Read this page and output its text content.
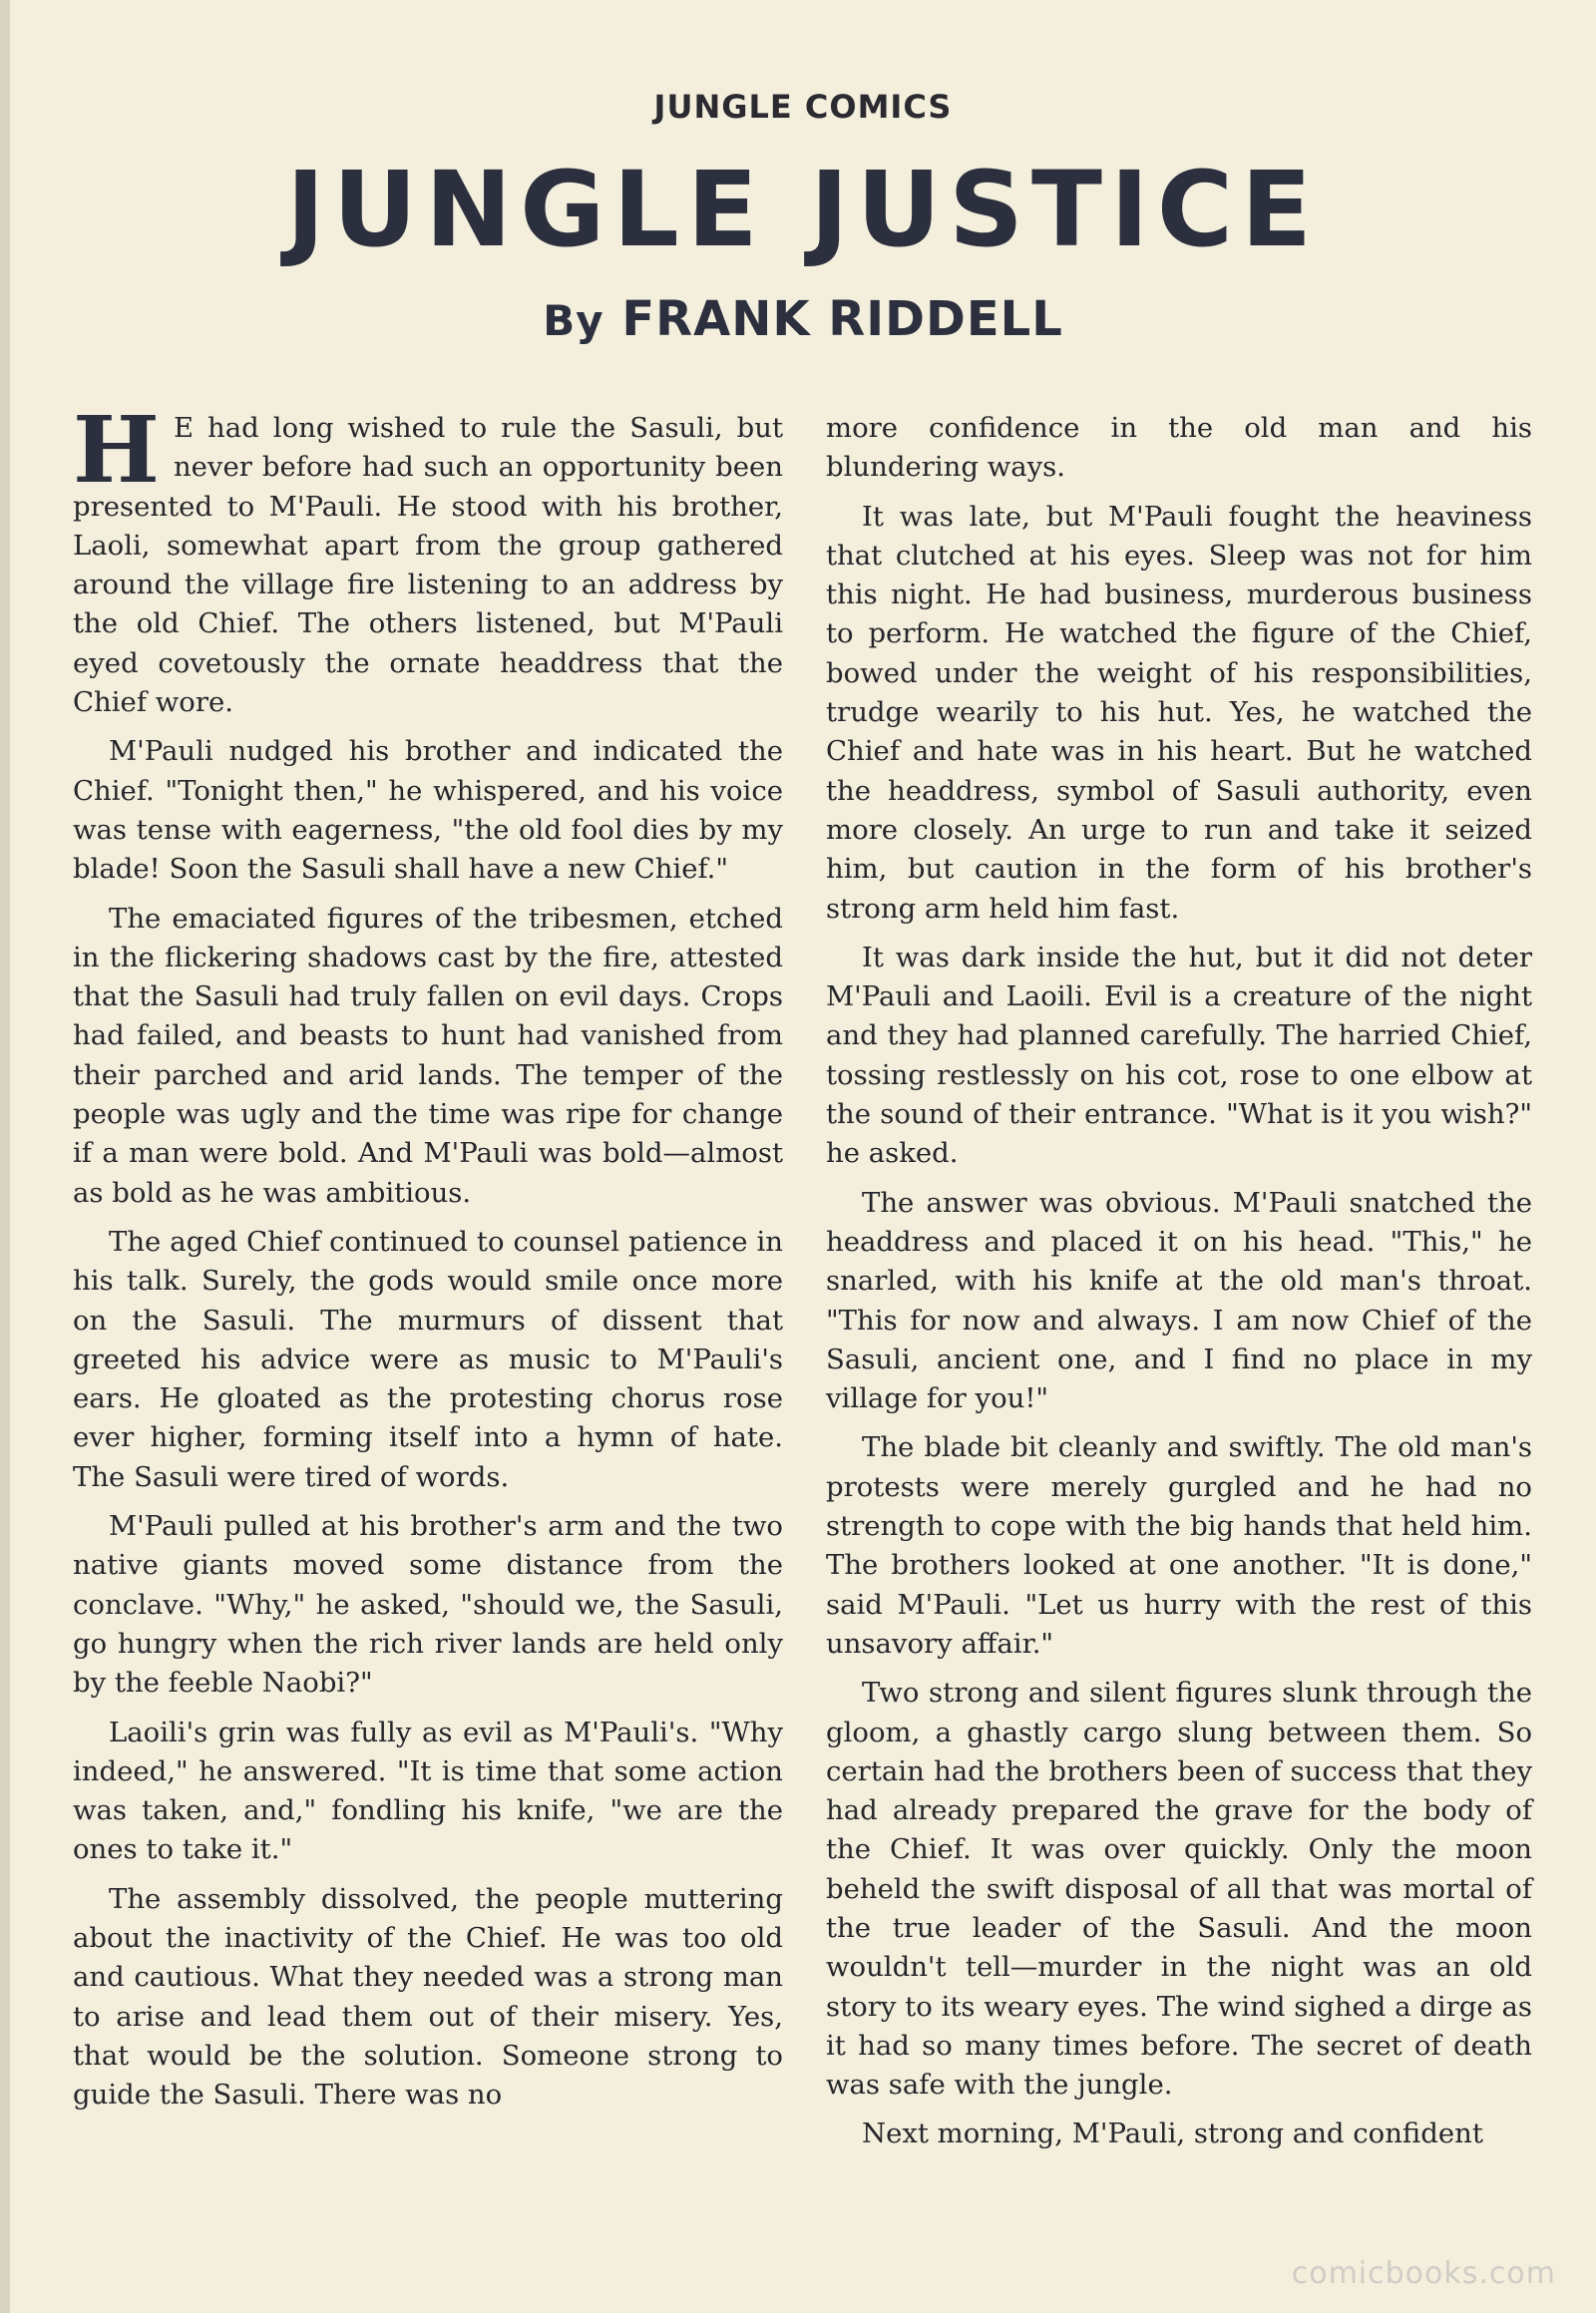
JUNGLE COMICS
JUNGLE JUSTICE
By FRANK RIDDELL

H E had long wished to rule the Sasuli, but never before had such an opportunity been presented to M'Pauli. He stood with his brother, Laoli, somewhat apart from the group gathered around the village fire listening to an address by the old Chief. The others listened, but M'Pauli eyed covetously the ornate headdress that the Chief wore.

M'Pauli nudged his brother and indicated the Chief. "Tonight then," he whispered, and his voice was tense with eagerness, "the old fool dies by my blade! Soon the Sasuli shall have a new Chief."

The emaciated figures of the tribesmen, etched in the flickering shadows cast by the fire, attested that the Sasuli had truly fallen on evil days. Crops had failed, and beasts to hunt had vanished from their parched and arid lands. The temper of the people was ugly and the time was ripe for change if a man were bold. And M'Pauli was bold—almost as bold as he was ambitious.

The aged Chief continued to counsel patience in his talk. Surely, the gods would smile once more on the Sasuli. The murmurs of dissent that greeted his advice were as music to M'Pauli's ears. He gloated as the protesting chorus rose ever higher, forming itself into a hymn of hate. The Sasuli were tired of words.

M'Pauli pulled at his brother's arm and the two native giants moved some distance from the conclave. "Why," he asked, "should we, the Sasuli, go hungry when the rich river lands are held only by the feeble Naobi?"

Laoili's grin was fully as evil as M'Pauli's. "Why indeed," he answered. "It is time that some action was taken, and," fondling his knife, "we are the ones to take it."

The assembly dissolved, the people muttering about the inactivity of the Chief. He was too old and cautious. What they needed was a strong man to arise and lead them out of their misery. Yes, that would be the solution. Someone strong to guide the Sasuli. There was no

more confidence in the old man and his blundering ways.

It was late, but M'Pauli fought the heaviness that clutched at his eyes. Sleep was not for him this night. He had business, murderous business to perform. He watched the figure of the Chief, bowed under the weight of his responsibilities, trudge wearily to his hut. Yes, he watched the Chief and hate was in his heart. But he watched the headdress, symbol of Sasuli authority, even more closely. An urge to run and take it seized him, but caution in the form of his brother's strong arm held him fast.

It was dark inside the hut, but it did not deter M'Pauli and Laoili. Evil is a creature of the night and they had planned carefully. The harried Chief, tossing restlessly on his cot, rose to one elbow at the sound of their entrance. "What is it you wish?" he asked.

The answer was obvious. M'Pauli snatched the headdress and placed it on his head. "This," he snarled, with his knife at the old man's throat. "This for now and always. I am now Chief of the Sasuli, ancient one, and I find no place in my village for you!"

The blade bit cleanly and swiftly. The old man's protests were merely gurgled and he had no strength to cope with the big hands that held him. The brothers looked at one another. "It is done," said M'Pauli. "Let us hurry with the rest of this unsavory affair."

Two strong and silent figures slunk through the gloom, a ghastly cargo slung between them. So certain had the brothers been of success that they had already prepared the grave for the body of the Chief. It was over quickly. Only the moon beheld the swift disposal of all that was mortal of the true leader of the Sasuli. And the moon wouldn't tell—murder in the night was an old story to its weary eyes. The wind sighed a dirge as it had so many times before. The secret of death was safe with the jungle.

Next morning, M'Pauli, strong and confident

comicbooks.com
